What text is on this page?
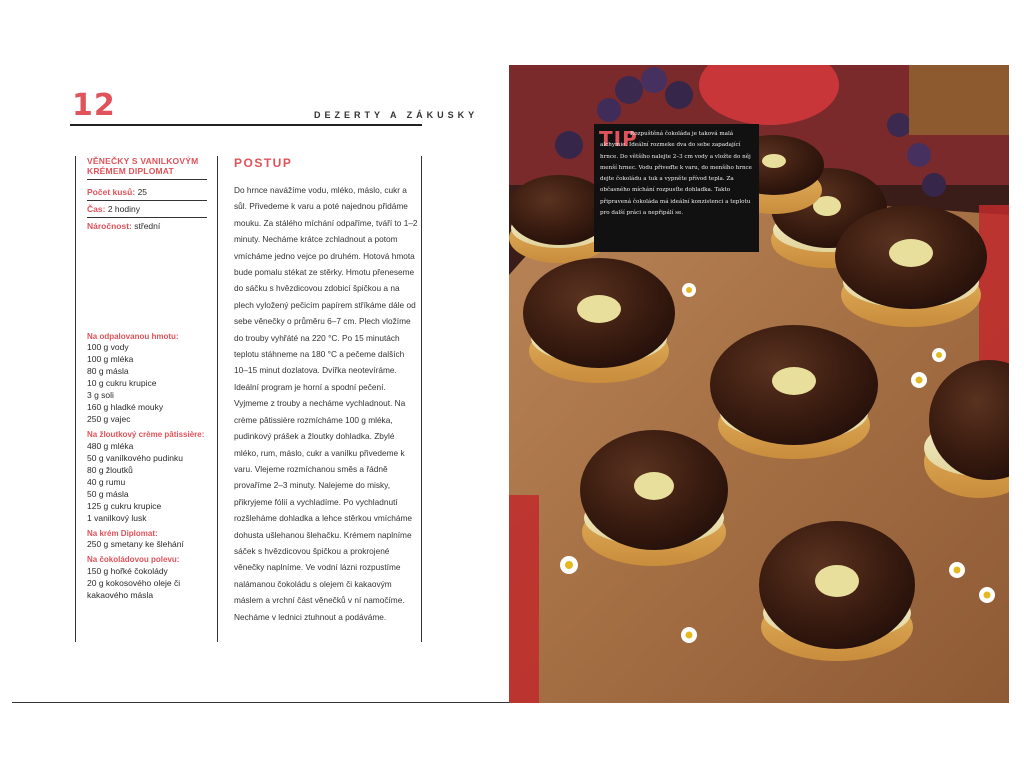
12	DEZERTY A ZÁKUSKY
VĚNEČKY S VANILKOVÝM KRÉMEM DIPLOMAT
Počet kusů: 25
Čas: 2 hodiny
Náročnost: střední
Na odpalovanou hmotu:
100 g vody
100 g mléka
80 g másla
10 g cukru krupice
3 g soli
160 g hladké mouky
250 g vajec
Na žloutkový crème pâtissière:
480 g mléka
50 g vanilkového pudinku
80 g žloutků
40 g rumu
50 g másla
125 g cukru krupice
1 vanilkový lusk
Na krém Diplomat:
250 g smetany ke šlehání
Na čokoládovou polevu:
150 g hořké čokolády
20 g kokosového oleje či kakaového másla
POSTUP
Do hrnce navážíme vodu, mléko, máslo, cukr a sůl. Přivedeme k varu a poté najednou přidáme mouku. Za stálého míchání odpaříme, tváří to 1–2 minuty. Necháme krátce zchladnout a potom vmícháme jedno vejce po druhém. Hotová hmota bude pomalu stékat ze stěrky. Hmotu přeneseme do sáčku s hvězdicovou zdobicí špičkou a na plech vyložený pečicím papírem stříkáme dále od sebe věnečky o průměru 6–7 cm. Plech vložíme do trouby vyhřáté na 220 °C. Po 15 minutách teplotu stáhneme na 180 °C a pečeme dalších 10–15 minut dozlatova. Dvířka neotevíráme. Ideální program je horní a spodní pečení. Vyjmeme z trouby a necháme vychladnout. Na crème pâtissière rozmícháme 100 g mléka, pudinkový prášek a žloutky dohladka. Zbylé mléko, rum, máslo, cukr a vanilku přivedeme k varu. Vlejeme rozmíchanou směs a řádně provaříme 2–3 minuty. Nalejeme do misky, přikryjeme fólií a vychladíme. Po vychladnutí rozšleháme dohladka a lehce stěrkou vmícháme dohusta ušlehanou šlehačku. Krémem naplníme sáček s hvězdicovou špičkou a prokrojené věnečky naplníme. Ve vodní lázni rozpustíme nalámanou čokoládu s olejem či kakaovým máslem a vrchní část věnečků v ní namočíme. Necháme v lednici ztuhnout a podáváme.
TIP
Rozpuštěná čokoláda je taková malá alchymie. Ideální rozmeke dva do sebe zapadající hrnce. Do většího nalejte 2–3 cm vody a vložte do něj menší hrnec. Vodu přiveďte k varu, do menšího hrnce dejte čokoládu a tuk a vypněte přívod tepla. Za občasného míchání rozpusťte dohladka. Takto připravená čokoláda má ideální konzistenci a teplotu pro další práci a nepřipálí se.
